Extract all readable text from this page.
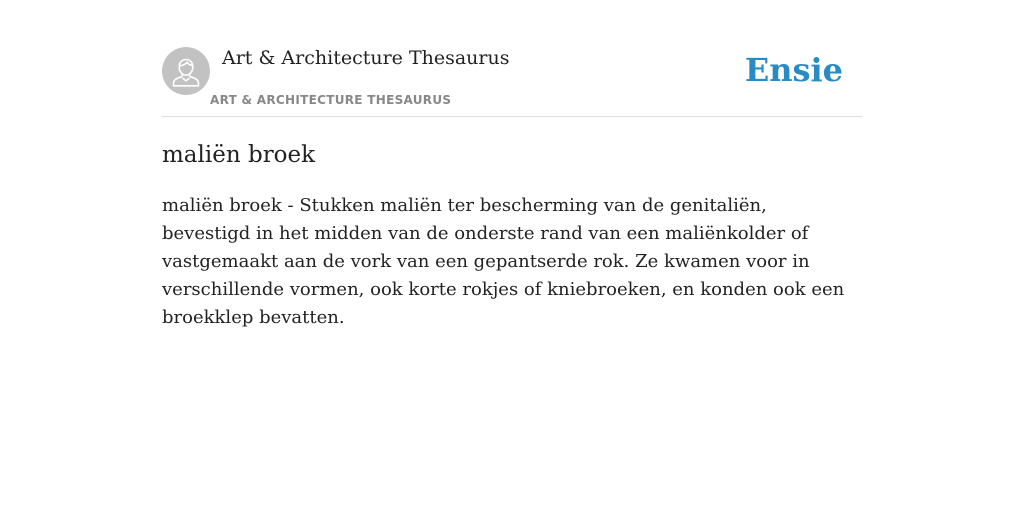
Art & Architecture Thesaurus
ART & ARCHITECTURE THESAURUS
Ensie
maliën broek

maliën broek - Stukken maliën ter bescherming van de genitaliën, bevestigd in het midden van de onderste rand van een maliënkolder of vastgemaakt aan de vork van een gepantserde rok. Ze kwamen voor in verschillende vormen, ook korte rokjes of kniebroeken, en konden ook een broekklep bevatten.
